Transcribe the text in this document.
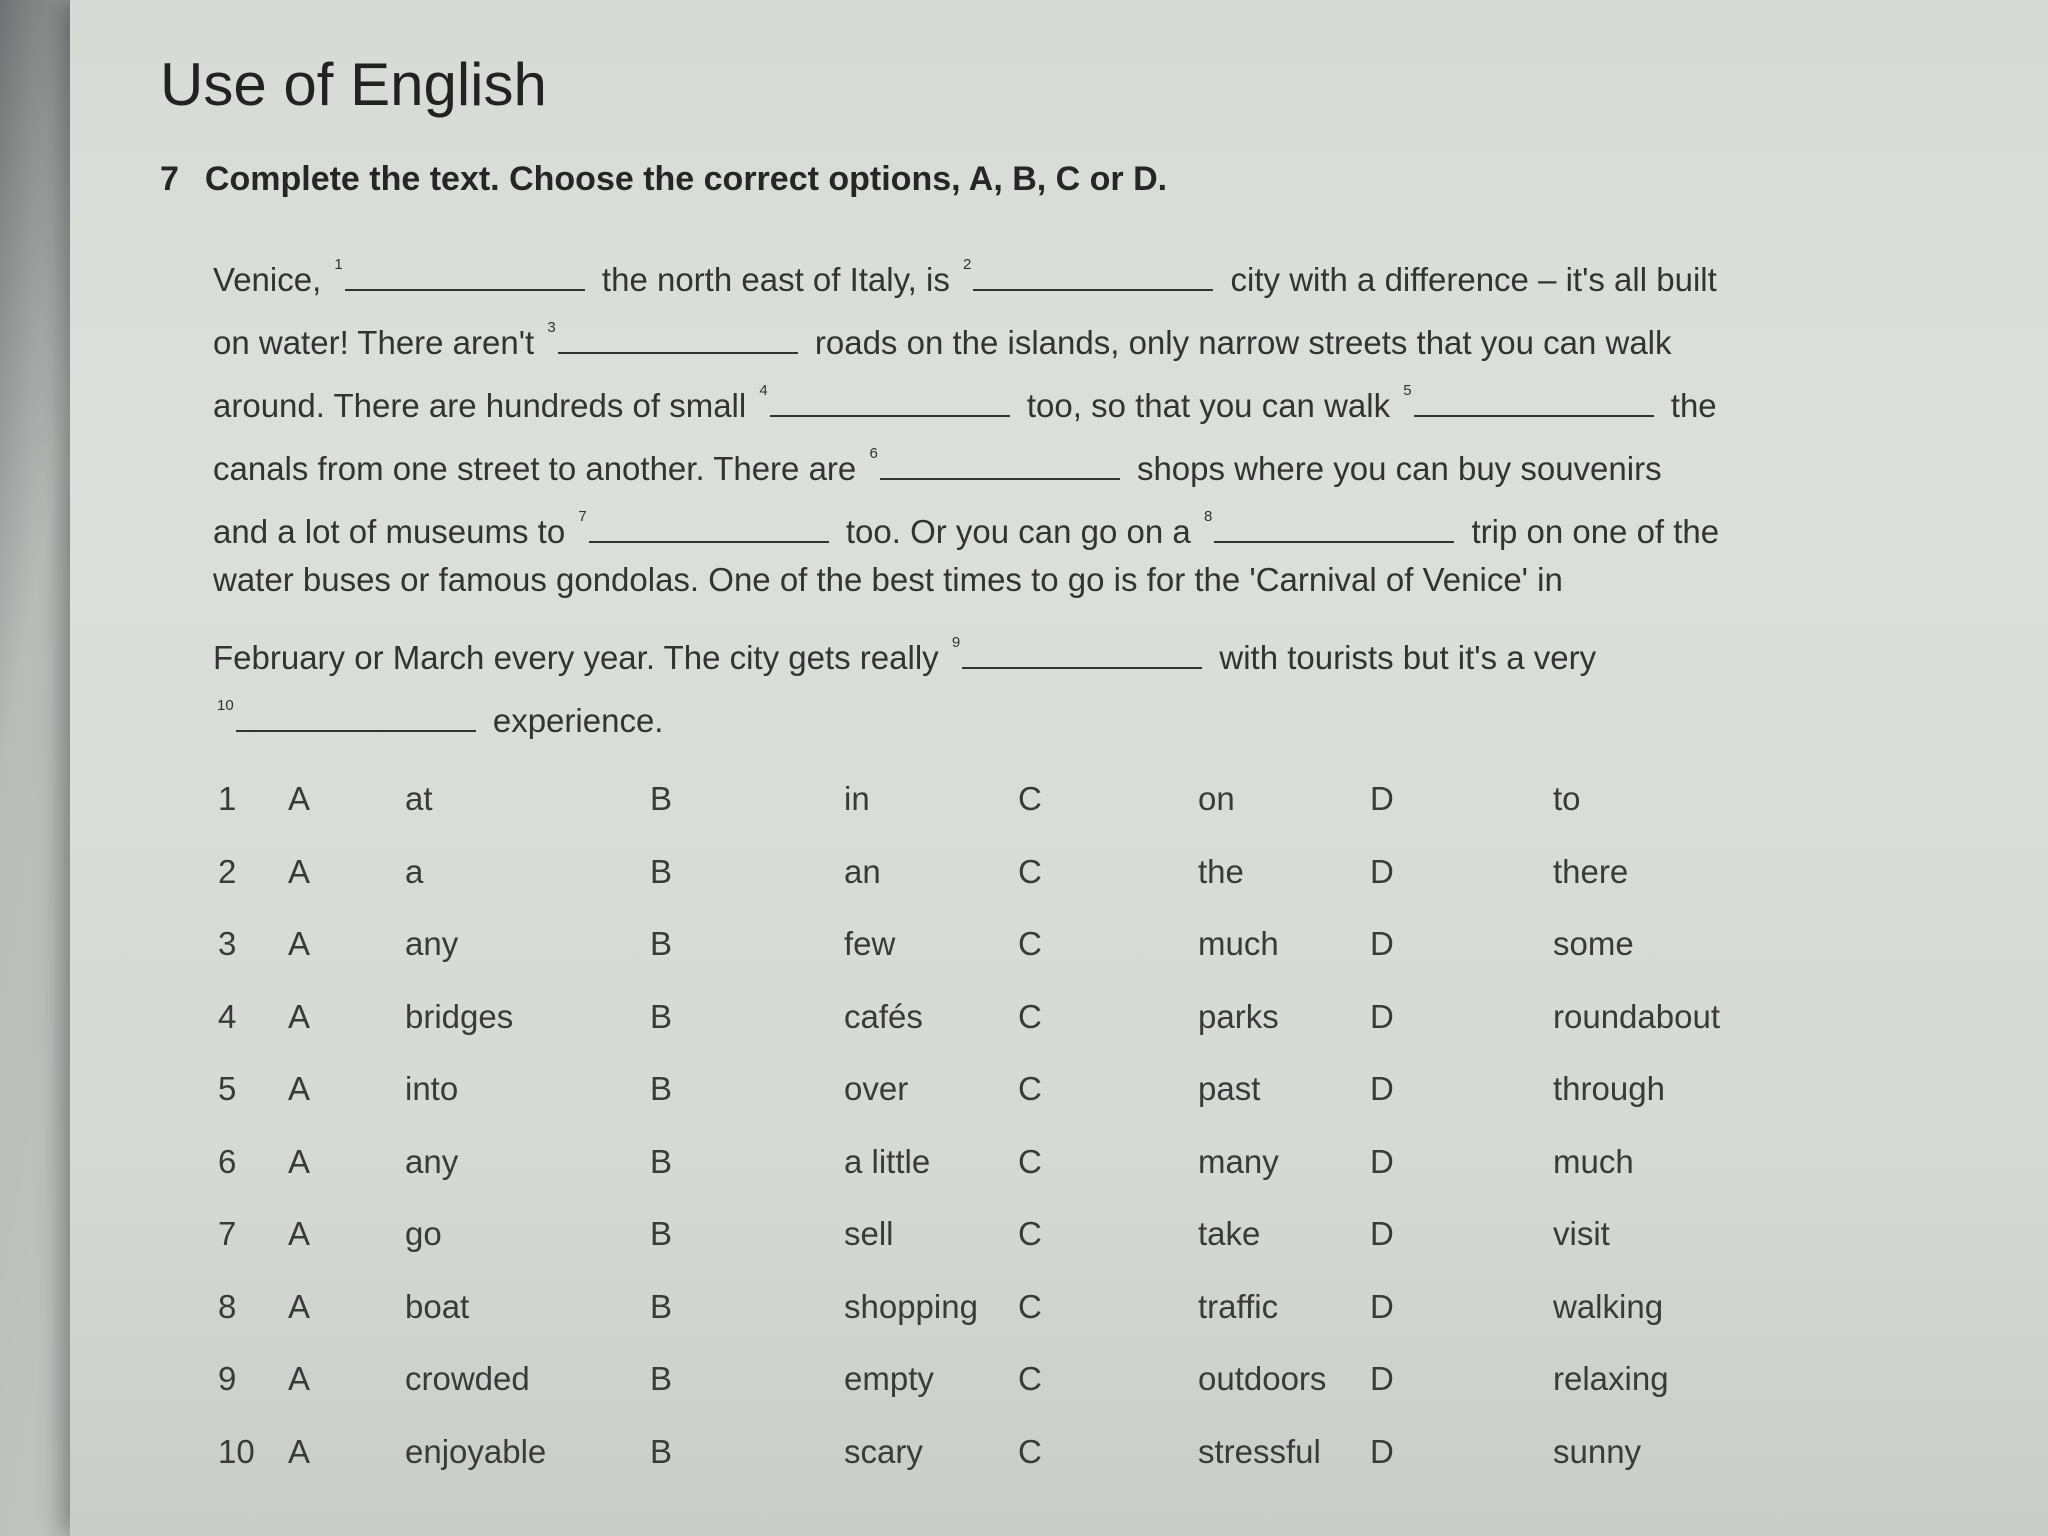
Use of English
7 Complete the text. Choose the correct options, A, B, C or D.
Venice, $^1$	the north east of Italy, is $^2$	city with a difference – it's all built
on water! There aren't $^3$	roads on the islands, only narrow streets that you can walk
around. There are hundreds of small $^4$	too, so that you can walk $^5$	the
canals from one street to another. There are $^6$	shops where you can buy souvenirs
and a lot of museums to $^7$	too. Or you can go on a $^8$	trip on one of the
water buses or famous gondolas. One of the best times to go is for the 'Carnival of Venice' in
February or March every year. The city gets really $^9$	with tourists but it's a very
$^{10}$	experience.
1 A	at	B	in	C	on	D	to
2 A	a	B	an	C	the	D	there
3 A	any	B	few	C	much	D	some
4 A	bridges	B	cafés	C	parks	D	roundabout
5 A	into	B	over	C	past	D	through
6 A	any	B	a little	C	many	D	much
7 A	go	B	sell	C	take	D	visit
8 A	boat	B	shopping C	traffic	D	walking
9 A	crowded	B	empty	C	outdoors D	relaxing
10 A	enjoyable	B	scary	C	stressful D	sunny
